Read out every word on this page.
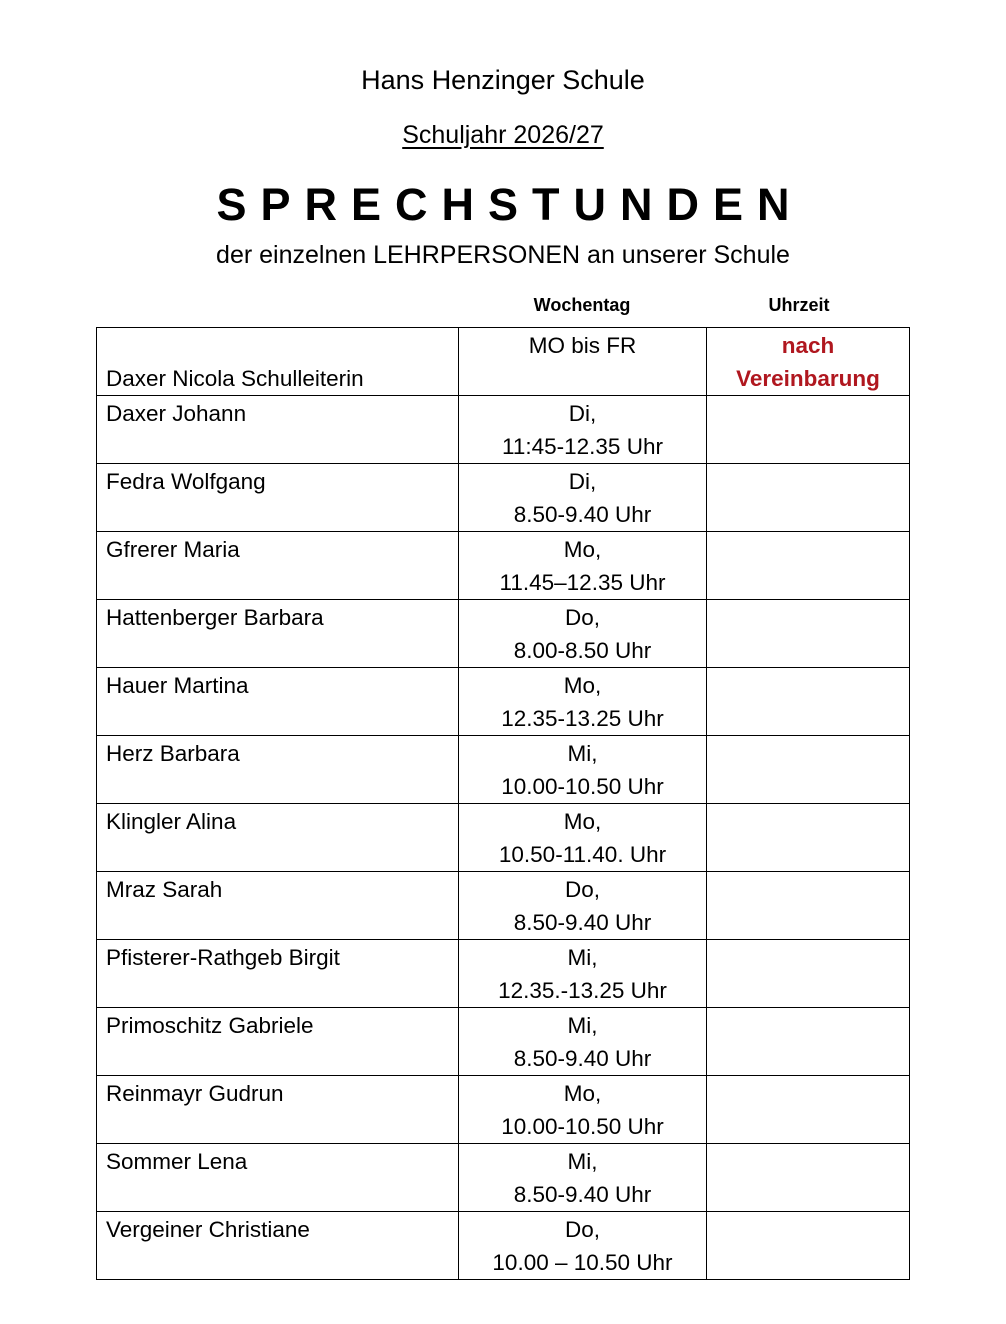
Hans Henzinger Schule
Schuljahr 2026/27
SPRECHSTUNDEN
der einzelnen LEHRPERSONEN an unserer Schule
Wochentag	Uhrzeit
Daxer Nicola Schulleiterin	MO bis FR	nach
Vereinbarung

Daxer Johann	Di,
11:45-12.35 Uhr	

Fedra Wolfgang	Di,
8.50-9.40 Uhr	

Gfrerer Maria	Mo,
11.45–12.35 Uhr	

Hattenberger Barbara	Do,
8.00-8.50 Uhr	

Hauer Martina	Mo,
12.35-13.25 Uhr	

Herz Barbara	Mi,
10.00-10.50 Uhr	

Klingler Alina	Mo,
10.50-11.40. Uhr	

Mraz Sarah	Do,
8.50-9.40 Uhr	

Pfisterer-Rathgeb Birgit	Mi,
12.35.-13.25 Uhr	

Primoschitz Gabriele	Mi,
8.50-9.40 Uhr	

Reinmayr Gudrun	Mo,
10.00-10.50 Uhr	

Sommer Lena	Mi,
8.50-9.40 Uhr	

Vergeiner Christiane	Do,
10.00 – 10.50 Uhr	
